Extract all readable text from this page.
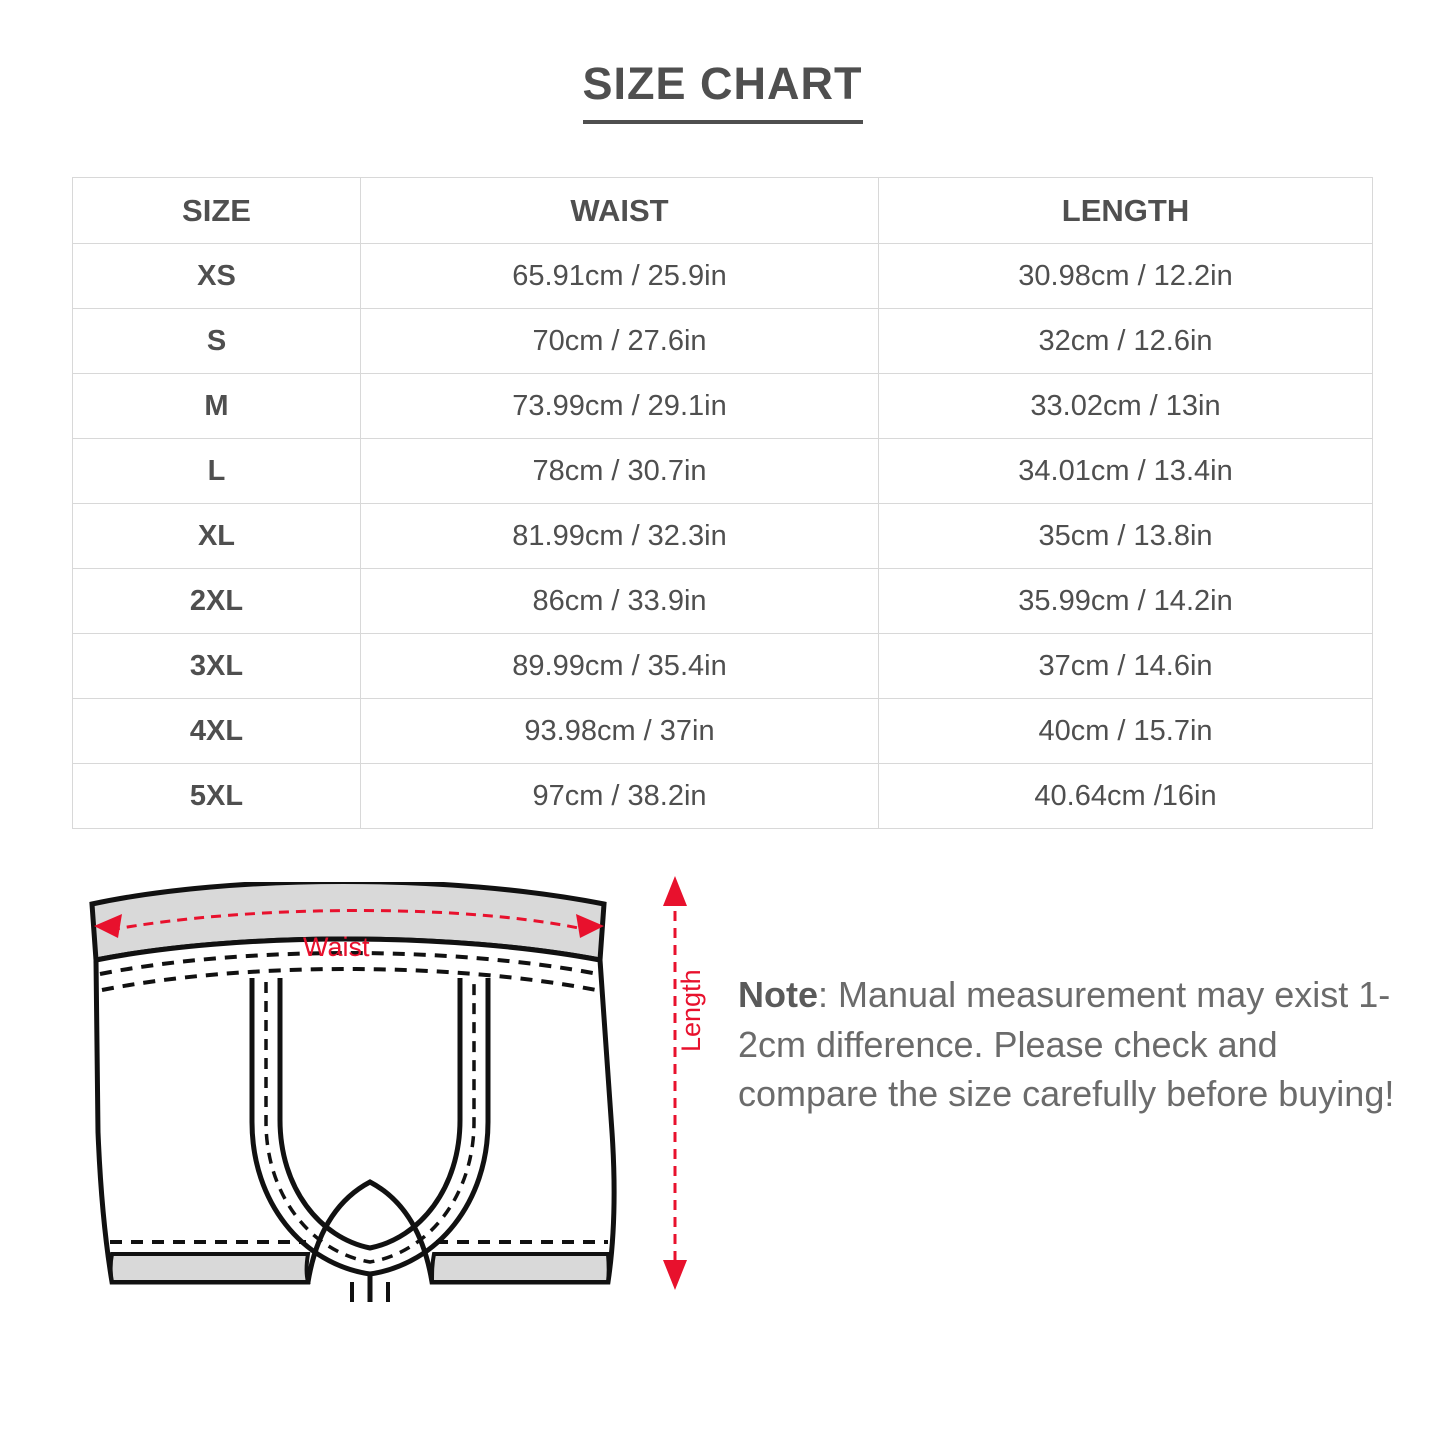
SIZE CHART
SIZE	WAIST	LENGTH
XS	65.91cm / 25.9in	30.98cm / 12.2in
S	70cm / 27.6in	32cm / 12.6in
M	73.99cm / 29.1in	33.02cm / 13in
L	78cm / 30.7in	34.01cm / 13.4in
XL	81.99cm / 32.3in	35cm / 13.8in
2XL	86cm / 33.9in	35.99cm / 14.2in
3XL	89.99cm / 35.4in	37cm / 14.6in
4XL	93.98cm / 37in	40cm / 15.7in
5XL	97cm / 38.2in	40.64cm /16in
Waist
Length Note: Manual measurement may exist 1-2cm difference. Please check and compare the size carefully before buying!
